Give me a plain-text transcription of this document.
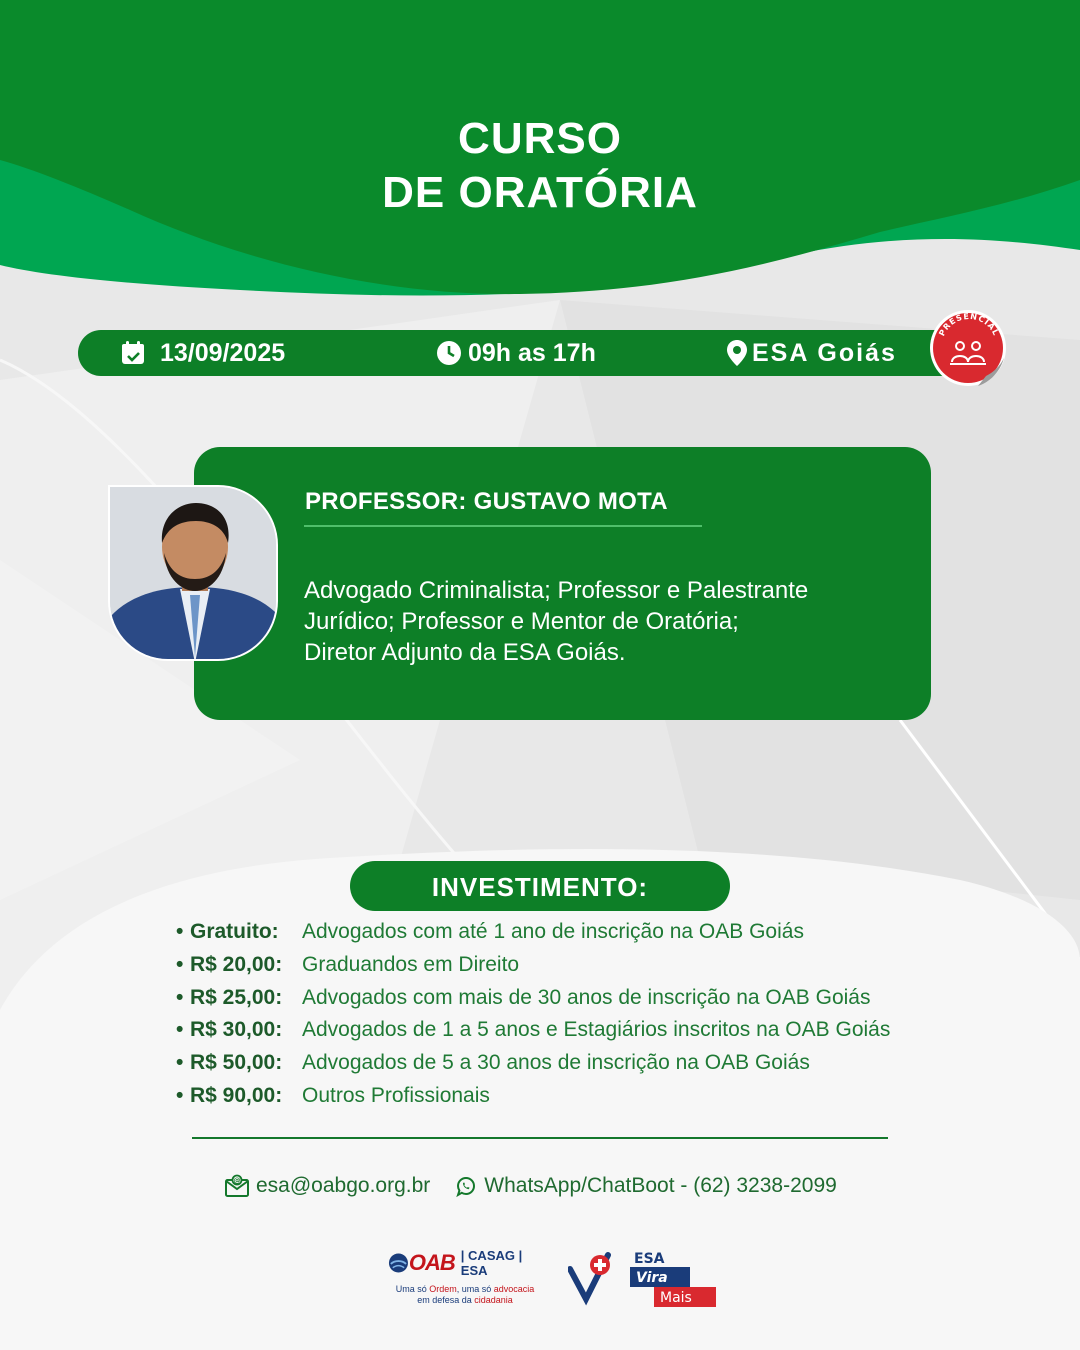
CURSO
DE ORATÓRIA
13/09/2025	09h as 17h	ESA Goiás
PRESENCIAL
PROFESSOR: GUSTAVO MOTA
Advogado Criminalista; Professor e Palestrante
Jurídico; Professor e Mentor de Oratória;
Diretor Adjunto da ESA Goiás.
INVESTIMENTO:
• Gratuito:	Advogados com até 1 ano de inscrição na OAB Goiás
• R$ 20,00: Graduandos em Direito
• R$ 25,00: Advogados com mais de 30 anos de inscrição na OAB Goiás
• R$ 30,00: Advogados de 1 a 5 anos e Estagiários inscritos na OAB Goiás
• R$ 50,00: Advogados de 5 a 30 anos de inscrição na OAB Goiás
• R$ 90,00: Outros Profissionais
@ esa@oabgo.org.br	WhatsApp/ChatBoot - (62) 3238-2099
OAB | CASAG | ESA
Uma só Ordem, uma só advocacia
em defesa da cidadania
ESA
Vira
Mais
